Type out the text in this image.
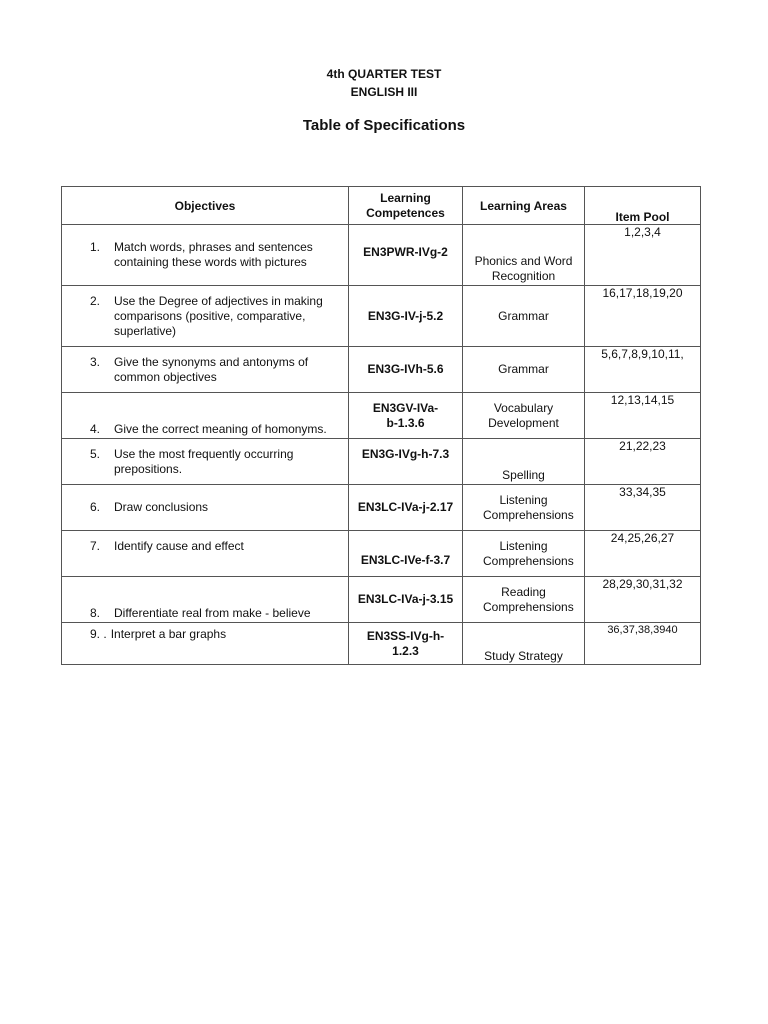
4th QUARTER TEST
ENGLISH III
Table of Specifications
Objectives	Learning Competences	Learning Areas	Item Pool

1. Match words, phrases and sentences containing these words with pictures	EN3PWR-IVg-2	Phonics and Word Recognition	1,2,3,4

2. Use the Degree of adjectives in making comparisons (positive, comparative, superlative)	EN3G-IV-j-5.2	Grammar	16,17,18,19,20

3. Give the synonyms and antonyms of common objectives	EN3G-IVh-5.6	Grammar	5,6,7,8,9,10,11,

4. Give the correct meaning of homonyms.	EN3GV-IVa-b-1.3.6	Vocabulary Development	12,13,14,15

5. Use the most frequently occurring prepositions.	EN3G-IVg-h-7.3	Spelling	21,22,23

6. Draw conclusions	EN3LC-IVa-j-2.17	Listening Comprehensions	33,34,35

7. Identify cause and effect	EN3LC-IVe-f-3.7	Listening Comprehensions	24,25,26,27

8. Differentiate real from make - believe	EN3LC-IVa-j-3.15	Reading Comprehensions	28,29,30,31,32

9. . Interpret a bar graphs	EN3SS-IVg-h-1.2.3	Study Strategy	36,37,38,3940
